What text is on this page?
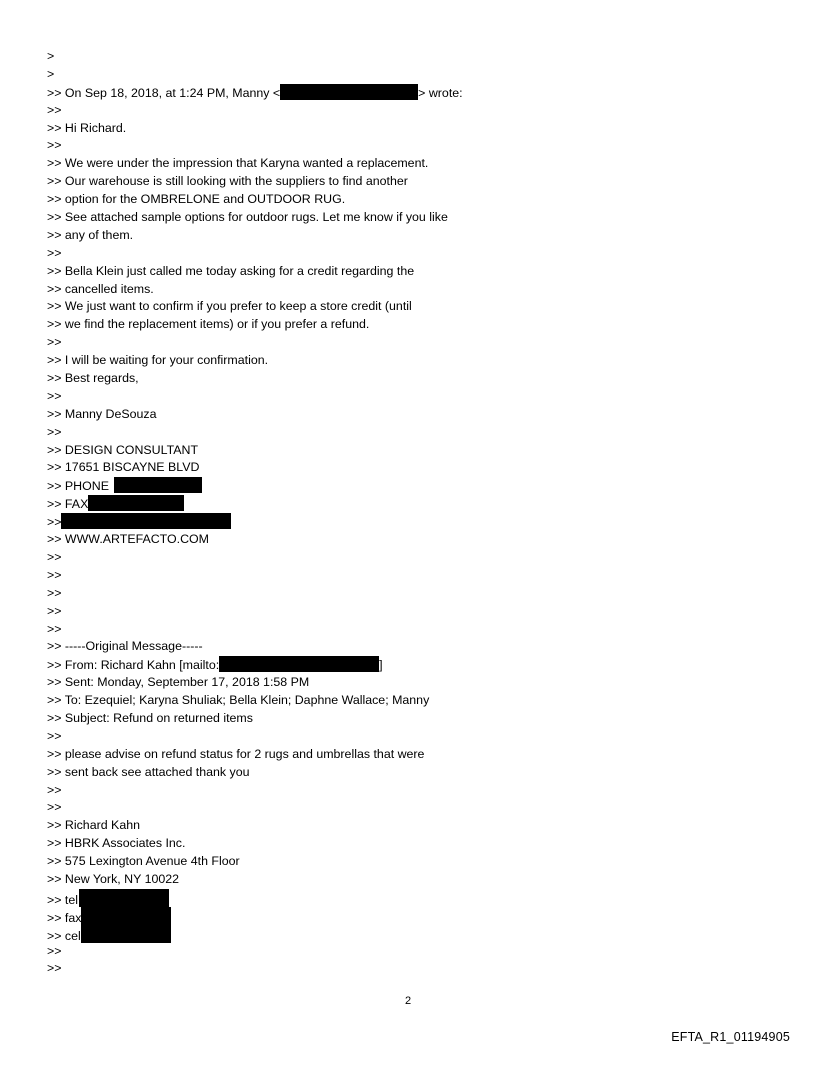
>
>
>> On Sep 18, 2018, at 1:24 PM, Manny <	> wrote:
>>
>> Hi Richard.
>>
>> We were under the impression that Karyna wanted a replacement.
>> Our warehouse is still looking with the suppliers to find another
>> option for the OMBRELONE and OUTDOOR RUG.
>> See attached sample options for outdoor rugs. Let me know if you like
>> any of them.
>>
>> Bella Klein just called me today asking for a credit regarding the
>> cancelled items.
>> We just want to confirm if you prefer to keep a store credit (until
>> we find the replacement items) or if you prefer a refund.
>>
>> I will be waiting for your confirmation.
>> Best regards,
>>
>> Manny DeSouza
>>
>> DESIGN CONSULTANT
>> 17651 BISCAYNE BLVD
>> PHONE
>> FAX
>>
>> WWW.ARTEFACTO.COM
>>
>>
>>
>>
>>
>> -----Original Message-----
>> From: Richard Kahn [mailto:	]
>> Sent: Monday, September 17, 2018 1:58 PM
>> To: Ezequiel; Karyna Shuliak; Bella Klein; Daphne Wallace; Manny
>> Subject: Refund on returned items
>>
>> please advise on refund status for 2 rugs and umbrellas that were
>> sent back see attached thank you
>>
>>
>> Richard Kahn
>> HBRK Associates Inc.
>> 575 Lexington Avenue 4th Floor
>> New York, NY 10022
>> tel
>> fax
>> cel
>>
>>
2
EFTA_R1_01194905
